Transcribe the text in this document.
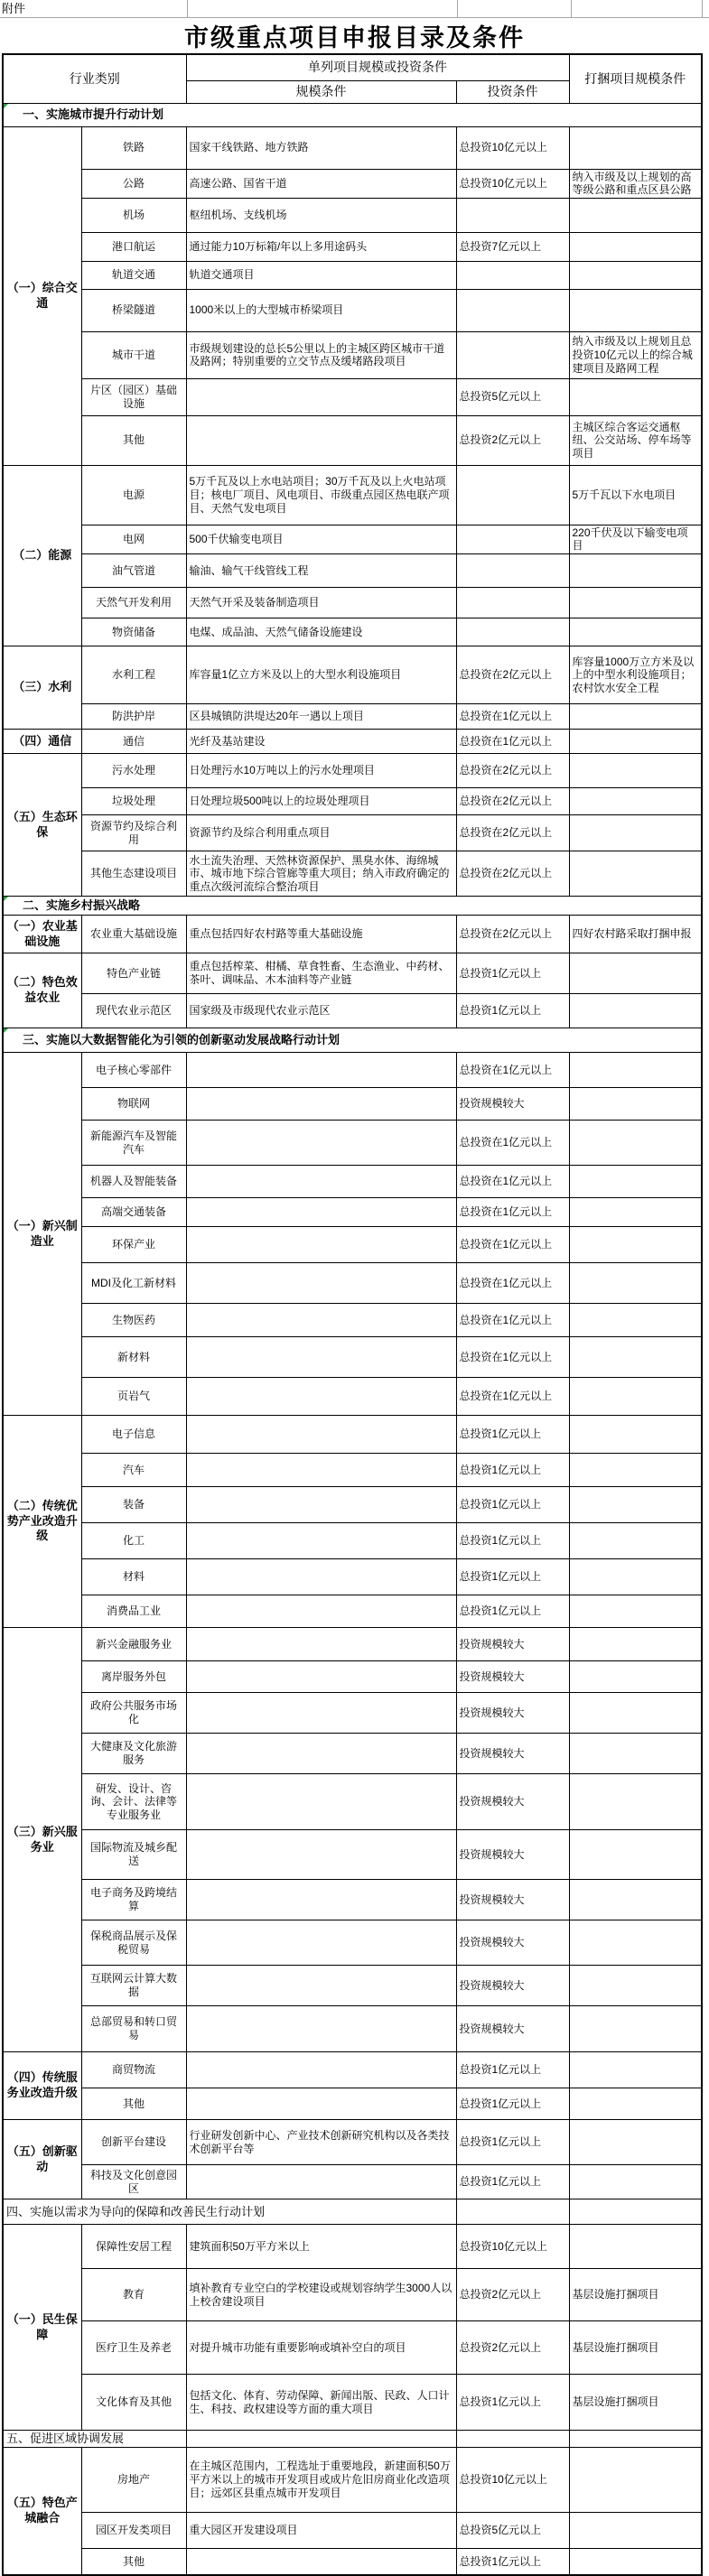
附件
市级重点项目申报目录及条件
行业类别		单列项目规模或投资条件		打捆项目规模条件
		规模条件	投资条件	

一、实施城市提升行动计划				
（一）综合交通	铁路	国家干线铁路、地方铁路	总投资10亿元以上	
	公路	高速公路、国省干道	总投资10亿元以上	纳入市级及以上规划的高等级公路和重点区县公路
	机场	枢纽机场、支线机场		
	港口航运	通过能力10万标箱/年以上多用途码头	总投资7亿元以上	
	轨道交通	轨道交通项目		
	桥梁隧道	1000米以上的大型城市桥梁项目		
	城市干道	市级规划建设的总长5公里以上的主城区跨区城市干道及路网；特别重要的立交节点及缓堵路段项目		纳入市级及以上规划且总投资10亿元以上的综合城建项目及路网工程
	片区（园区）基础设施		总投资5亿元以上	
	其他		总投资2亿元以上	主城区综合客运交通枢纽、公交站场、停车场等项目
（二）能源	电源	5万千瓦及以上水电站项目；30万千瓦及以上火电站项目；核电厂项目、风电项目、市级重点园区热电联产项目、天然气发电项目		5万千瓦以下水电项目
	电网	500千伏输变电项目		220千伏及以下输变电项目
	油气管道	输油、输气干线管线工程		
	天然气开发利用	天然气开采及装备制造项目		
	物资储备	电煤、成品油、天然气储备设施建设		
（三）水利	水利工程	库容量1亿立方米及以上的大型水利设施项目	总投资在2亿元以上	库容量1000万立方米及以上的中型水利设施项目；农村饮水安全工程
	防洪护岸	区县城镇防洪堤达20年一遇以上项目	总投资在1亿元以上	
（四）通信	通信	光纤及基站建设	总投资在1亿元以上	
（五）生态环保	污水处理	日处理污水10万吨以上的污水处理项目	总投资在2亿元以上	
	垃圾处理	日处理垃圾500吨以上的垃圾处理项目	总投资在2亿元以上	
	资源节约及综合利用	资源节约及综合利用重点项目	总投资在2亿元以上	
	其他生态建设项目	水土流失治理、天然林资源保护、黑臭水体、海绵城市、城市地下综合管廊等重大项目；纳入市政府确定的重点次级河流综合整治项目	总投资在2亿元以上	

二、实施乡村振兴战略				
（一）农业基础设施	农业重大基础设施	重点包括四好农村路等重大基础设施	总投资在2亿元以上	四好农村路采取打捆申报
（二）特色效益农业	特色产业链	重点包括榨菜、柑橘、草食牲畜、生态渔业、中药材、茶叶、调味品、木本油料等产业链	总投资1亿元以上	
	现代农业示范区	国家级及市级现代农业示范区	总投资1亿元以上	

三、实施以大数据智能化为引领的创新驱动发展战略行动计划				
（一）新兴制造业	电子核心零部件		总投资在1亿元以上	
	物联网		投资规模较大	
	新能源汽车及智能汽车		总投资在1亿元以上	
	机器人及智能装备		总投资在1亿元以上	
	高端交通装备		总投资在1亿元以上	
	环保产业		总投资在1亿元以上	
	MDI及化工新材料		总投资在1亿元以上	
	生物医药		总投资在1亿元以上	
	新材料		总投资在1亿元以上	
	页岩气		总投资在1亿元以上	
（二）传统优势产业改造升级	电子信息		总投资1亿元以上	
	汽车		总投资1亿元以上	
	装备		总投资1亿元以上	
	化工		总投资1亿元以上	
	材料		总投资1亿元以上	
	消费品工业		总投资1亿元以上	
（三）新兴服务业	新兴金融服务业		投资规模较大	
	离岸服务外包		投资规模较大	
	政府公共服务市场化		投资规模较大	
	大健康及文化旅游服务		投资规模较大	
	研发、设计、咨询、会计、法律等专业服务业		投资规模较大	
	国际物流及城乡配送		投资规模较大	
	电子商务及跨境结算		投资规模较大	
	保税商品展示及保税贸易		投资规模较大	
	互联网云计算大数据		投资规模较大	
	总部贸易和转口贸易		投资规模较大	
（四）传统服务业改造升级	商贸物流		总投资1亿元以上	
	其他		总投资1亿元以上	
（五）创新驱动	创新平台建设	行业研发创新中心、产业技术创新研究机构以及各类技术创新平台等	总投资1亿元以上	
	科技及文化创意园区		总投资1亿元以上	
四、实施以需求为导向的保障和改善民生行动计划				
（一）民生保障	保障性安居工程	建筑面积50万平方米以上	总投资10亿元以上	
	教育	填补教育专业空白的学校建设或规划容纳学生3000人以上校舍建设项目	总投资2亿元以上	基层设施打捆项目
	医疗卫生及养老	对提升城市功能有重要影响或填补空白的项目	总投资2亿元以上	基层设施打捆项目
	文化体育及其他	包括文化、体育、劳动保障、新闻出版、民政、人口计生、科技、政权建设等方面的重大项目	总投资1亿元以上	基层设施打捆项目
五、促进区域协调发展				
（五）特色产城融合	房地产	在主城区范围内，工程选址于重要地段，新建面积50万平方米以上的城市开发项目或成片危旧房商业化改造项目；远郊区县重点城市开发项目	总投资10亿元以上	
	园区开发类项目	重大园区开发建设项目	总投资5亿元以上	
	其他		总投资1亿元以上	
